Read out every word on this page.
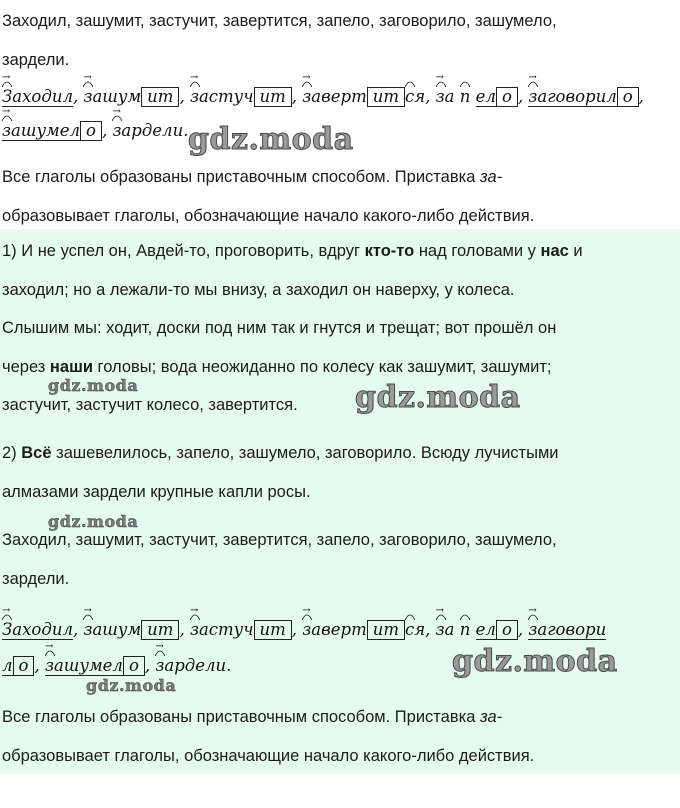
Заходил, зашумит, застучит, завертится, запело, заговорило, зашумело,
зардели.

→
Заходил,
→
зашум ит ,
→
застуч ит ,
→
заверт ит ся,
→
за п ел о ,
→
заговорил о ,
→
зашумел о ,
→
зардели. gdz.moda

Все глаголы образованы приставочным способом. Приставка за-
образовывает глаголы, обозначающие начало какого-либо действия.

1) И не успел он, Авдей-то, проговорить, вдруг кто-то над головами у нас и
заходил; но а лежали-то мы внизу, а заходил он наверху, у колеса.
Слышим мы: ходит, доски под ним так и гнутся и трещат; вот прошёл он
через наши головы; вода неожиданно по колесу как зашумит, зашумит;
застучит, застучит колесо, завертится.

gdz.moda	gdz.moda

2) Всё зашевелилось, запело, зашумело, заговорило. Всюду лучистыми
алмазами зардели крупные капли росы.

gdz.moda

Заходил, зашумит, застучит, завертится, запело, заговорило, зашумело,
зардели.

→
Заходил,
→
зашум ит ,
→
застуч ит ,
→
заверт ит ся,
→
за п ел о ,
→
заговори
л о ,
→
зашумел о ,
→
зардели.	gdz.moda
gdz.moda

Все глаголы образованы приставочным способом. Приставка за-
образовывает глаголы, обозначающие начало какого-либо действия.
